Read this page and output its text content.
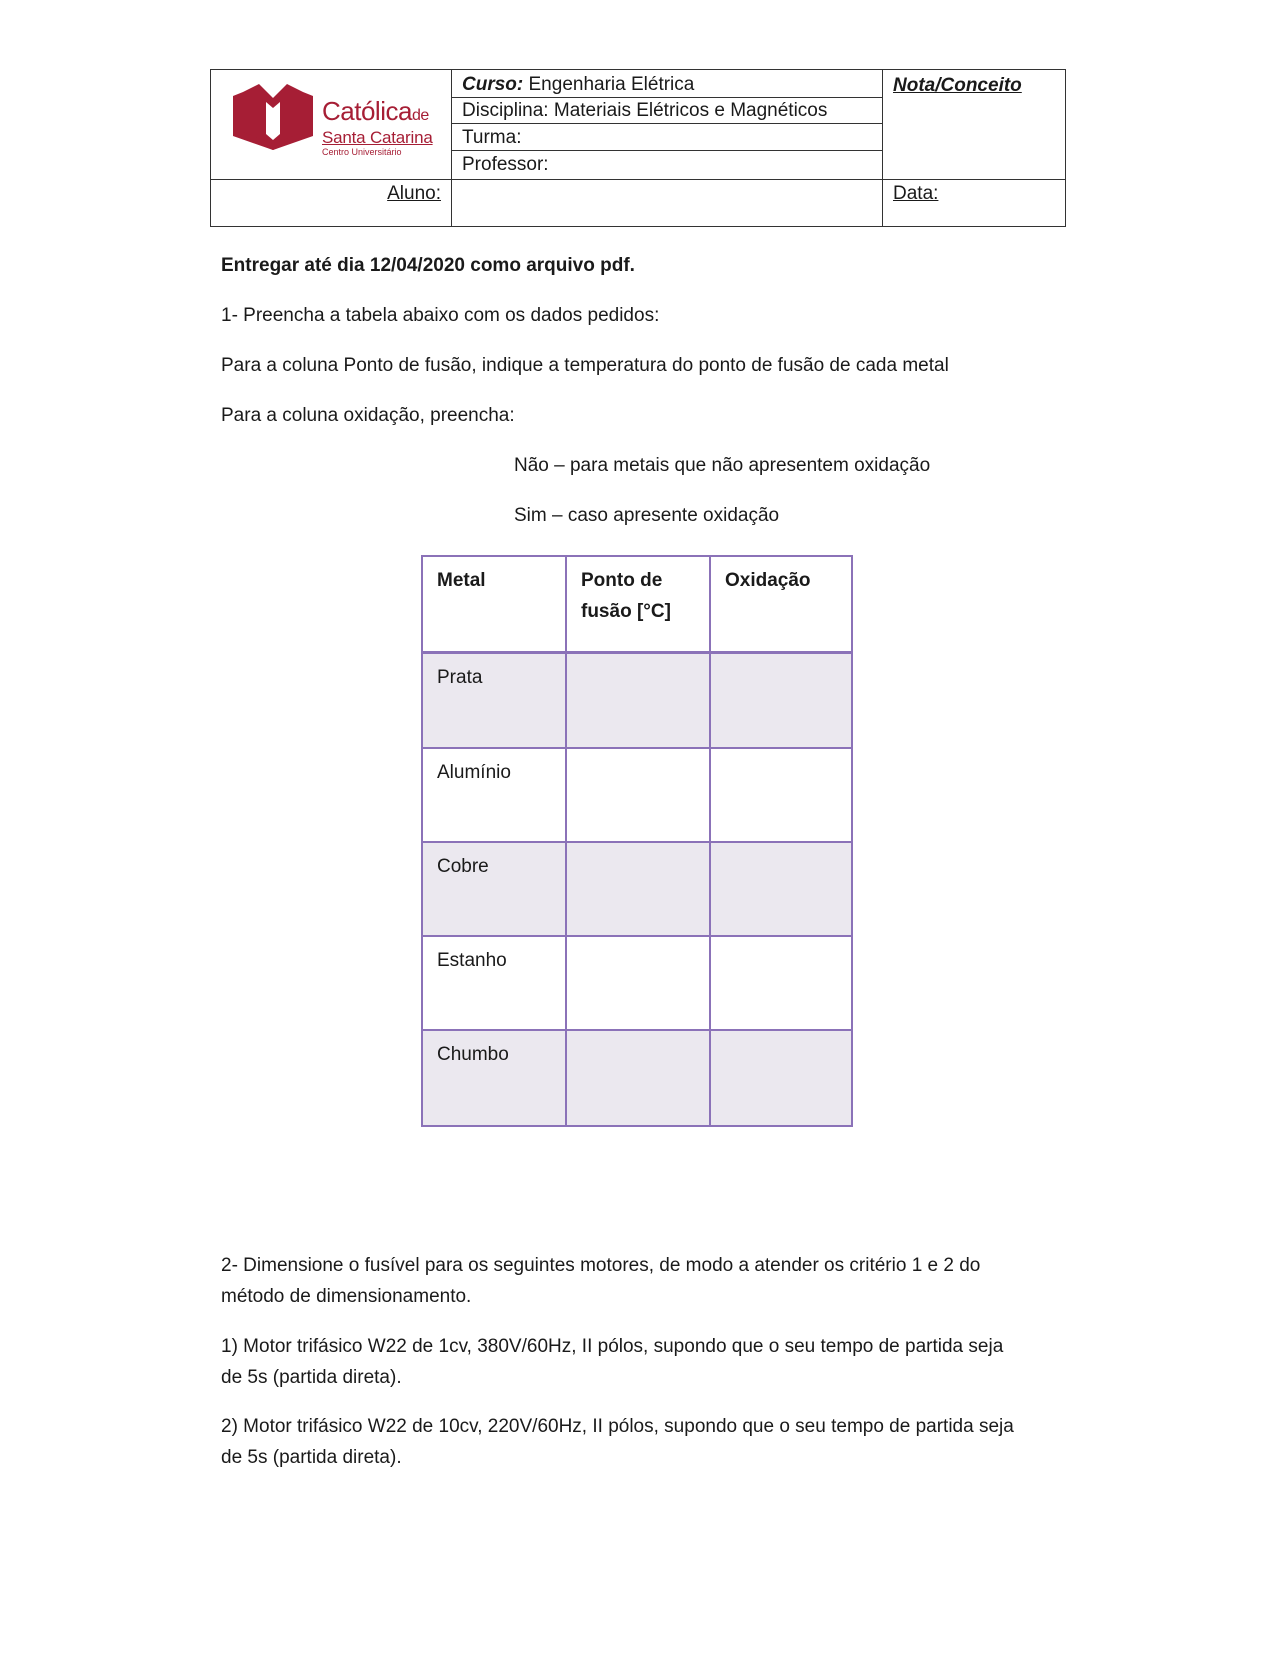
Católicade
Santa Catarina
Centro Universitário
Curso: Engenharia Elétrica
Disciplina: Materiais Elétricos e Magnéticos
Turma:
Professor:
Nota/Conceito
Aluno:	Data:
Entregar até dia 12/04/2020 como arquivo pdf.
1- Preencha a tabela abaixo com os dados pedidos:
Para a coluna Ponto de fusão, indique a temperatura do ponto de fusão de cada metal
Para a coluna oxidação, preencha:
Não – para metais que não apresentem oxidação
Sim – caso apresente oxidação
Metal	Ponto de
fusão [°C]
Oxidação
Prata
Alumínio
Cobre
Estanho
Chumbo
2- Dimensione o fusível para os seguintes motores, de modo a atender os critério 1 e 2 do
método de dimensionamento.
1) Motor trifásico W22 de 1cv, 380V/60Hz, II pólos, supondo que o seu tempo de partida seja
de 5s (partida direta).
2) Motor trifásico W22 de 10cv, 220V/60Hz, II pólos, supondo que o seu tempo de partida seja
de 5s (partida direta).
